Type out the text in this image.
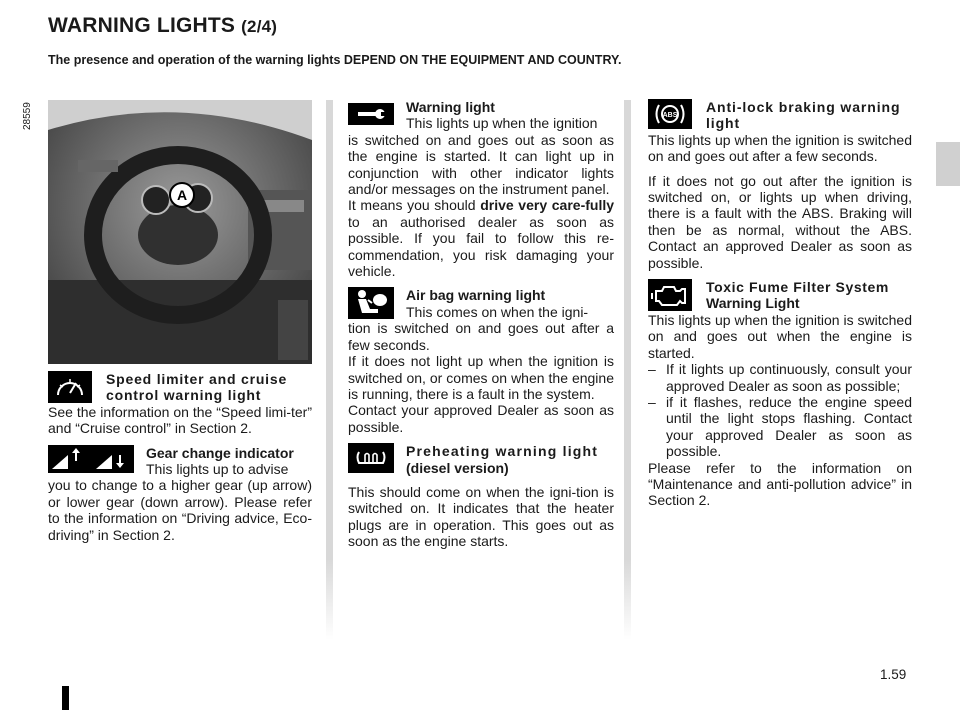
WARNING LIGHTS (2/4)
The presence and operation of the warning lights DEPEND ON THE EQUIPMENT AND COUNTRY.
28559
A
Speed limiter and cruise
control warning light

See the information on the “Speed limi-ter” and “Cruise control” in Section 2.

Gear change indicator
This lights up to advise

you to change to a higher gear (up arrow) or lower gear (down arrow). Please refer to the information on “Driving advice, Eco-driving” in Section 2.

Warning light
This lights up when the ignition

is switched on and goes out as soon as the engine is started. It can light up in conjunction with other indicator lights and/or messages on the instrument panel.

It means you should drive very care-fully to an authorised dealer as soon as possible. If you fail to follow this re-commendation, you risk damaging your vehicle.

Air bag warning light
This comes on when the igni-

tion is switched on and goes out after a few seconds.

If it does not light up when the ignition is switched on, or comes on when the engine is running, there is a fault in the system.

Contact your approved Dealer as soon as possible.

Preheating warning light
(diesel version)

This should come on when the igni-tion is switched on. It indicates that the heater plugs are in operation. This goes out as soon as the engine starts.

ABS
Anti-lock braking warning
light

This lights up when the ignition is switched on and goes out after a few seconds.

If it does not go out after the ignition is switched on, or lights up when driving, there is a fault with the ABS. Braking will then be as normal, without the ABS. Contact an approved Dealer as soon as possible.

Toxic Fume Filter System
Warning Light

This lights up when the ignition is switched on and goes out when the engine is started.

– If it lights up continuously, consult your approved Dealer as soon as possible;
– if it flashes, reduce the engine speed until the light stops flashing. Contact your approved Dealer as soon as possible.

Please refer to the information on “Maintenance and anti-pollution advice” in Section 2.

1.59
